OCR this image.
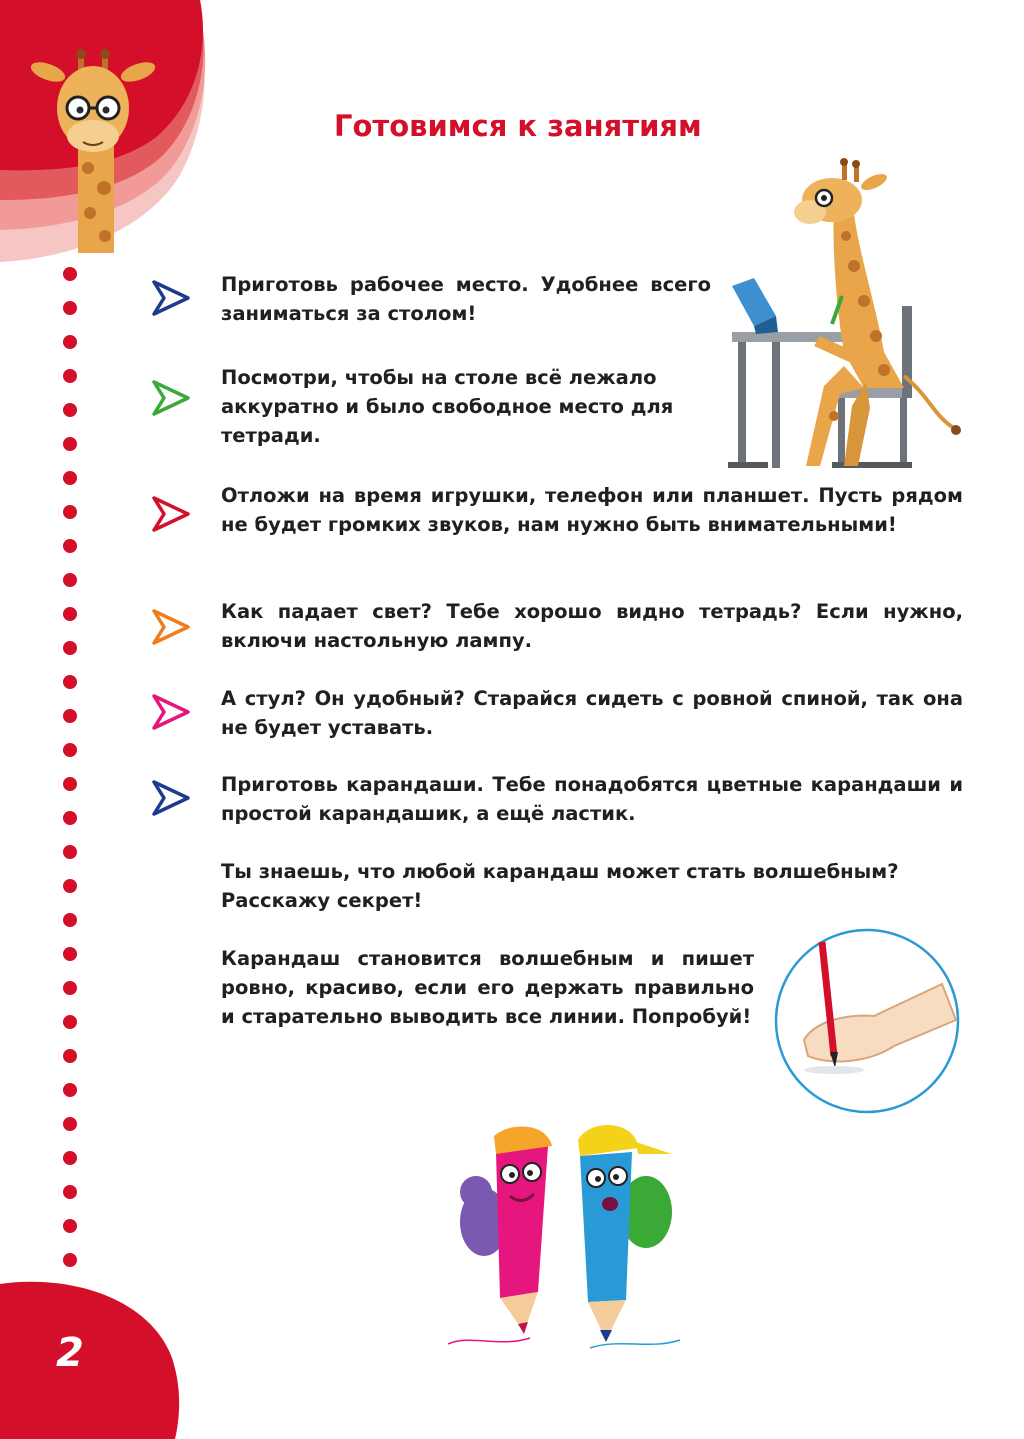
2
Готовимся к занятиям
Приготовь рабочее место. Удобнее всего заниматься за столом!
Посмотри, чтобы на столе всё лежало аккуратно и было свободное место для тетради.
Отложи на время игрушки, телефон или планшет. Пусть рядом не будет громких звуков, нам нужно быть внимательными!
Как падает свет? Тебе хорошо видно тетрадь? Если нужно, включи настольную лампу.
А стул? Он удобный? Старайся сидеть с ровной спиной, так она не будет уставать.
Приготовь карандаши. Тебе понадобятся цветные карандаши и простой карандашик, а ещё ластик.
Ты знаешь, что любой карандаш может стать волшебным? Расскажу секрет!
Карандаш становится волшебным и пишет ровно, красиво, если его держать правильно и старательно выводить все линии. Попробуй!
